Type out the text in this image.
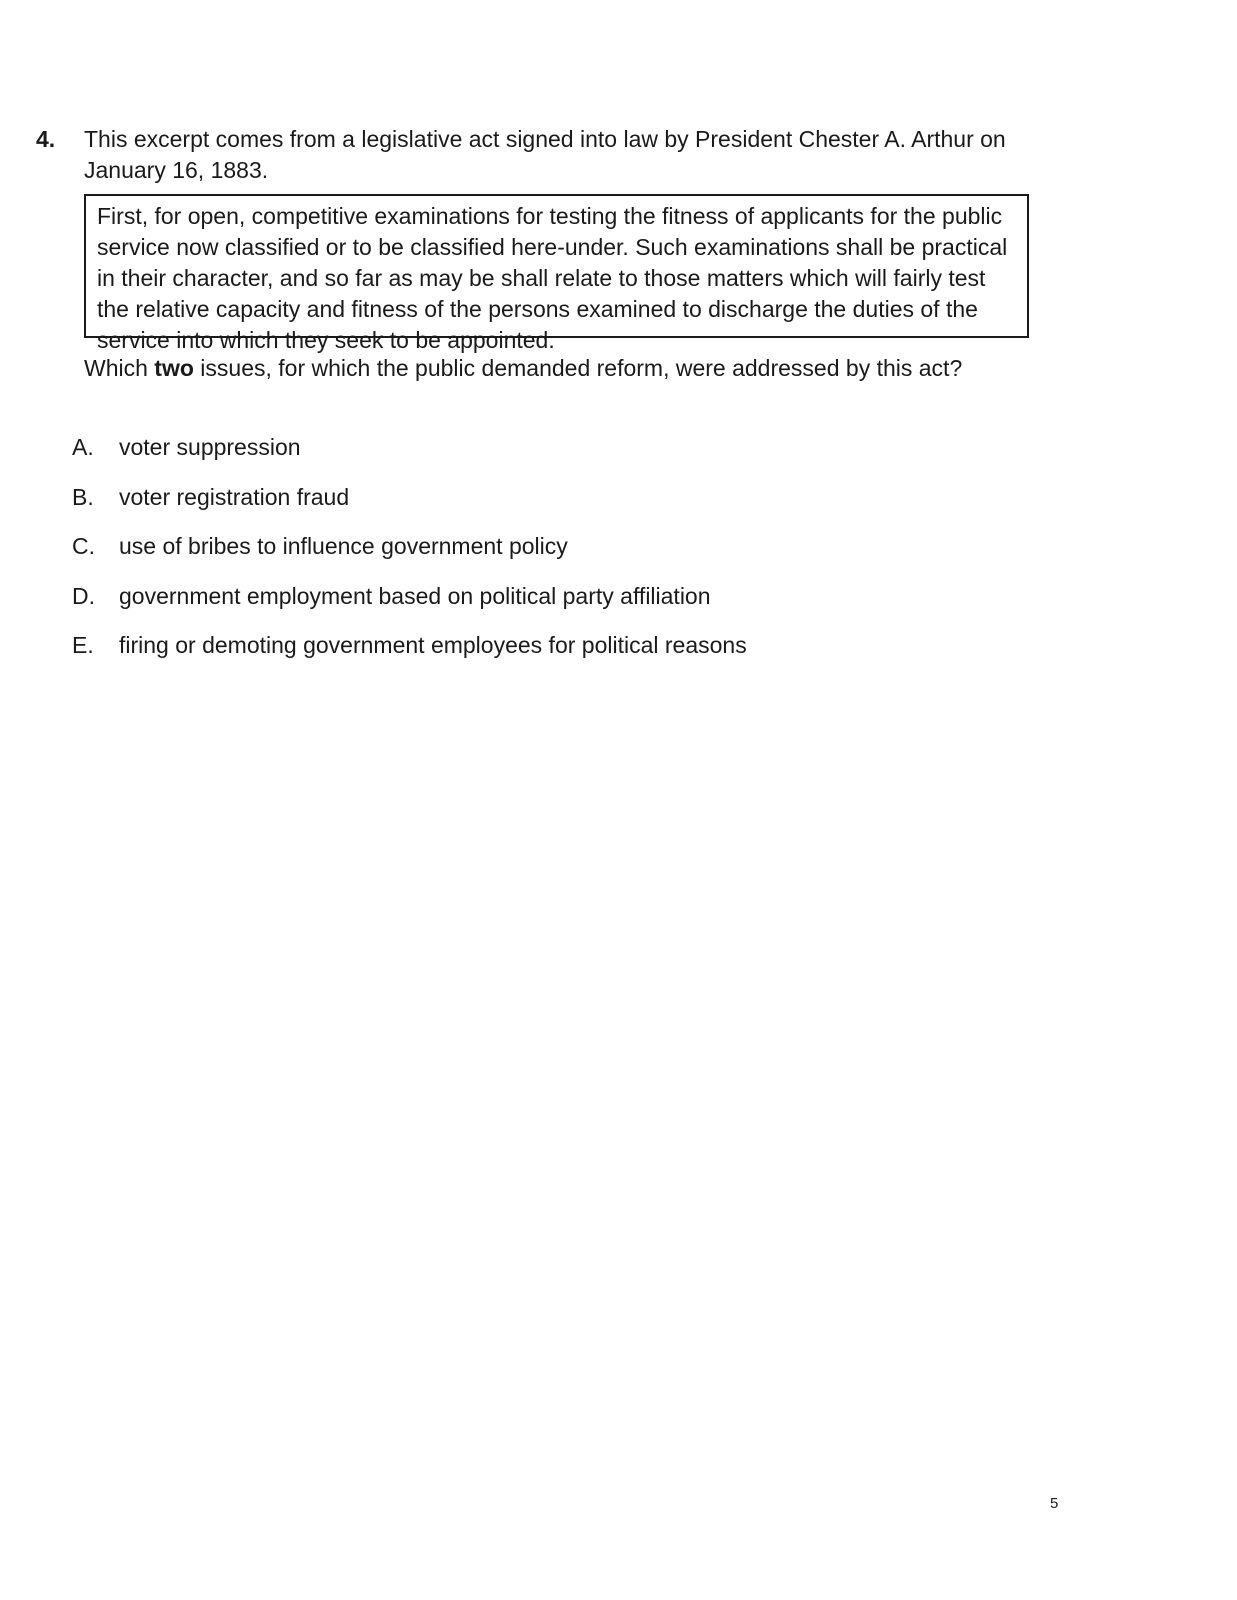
4. This excerpt comes from a legislative act signed into law by President Chester A. Arthur on January 16, 1883.
First, for open, competitive examinations for testing the fitness of applicants for the public service now classified or to be classified here-under. Such examinations shall be practical in their character, and so far as may be shall relate to those matters which will fairly test the relative capacity and fitness of the persons examined to discharge the duties of the service into which they seek to be appointed.
Which two issues, for which the public demanded reform, were addressed by this act?
A.	voter suppression
B.	voter registration fraud
C.	use of bribes to influence government policy
D.	government employment based on political party affiliation
E.	firing or demoting government employees for political reasons
5
